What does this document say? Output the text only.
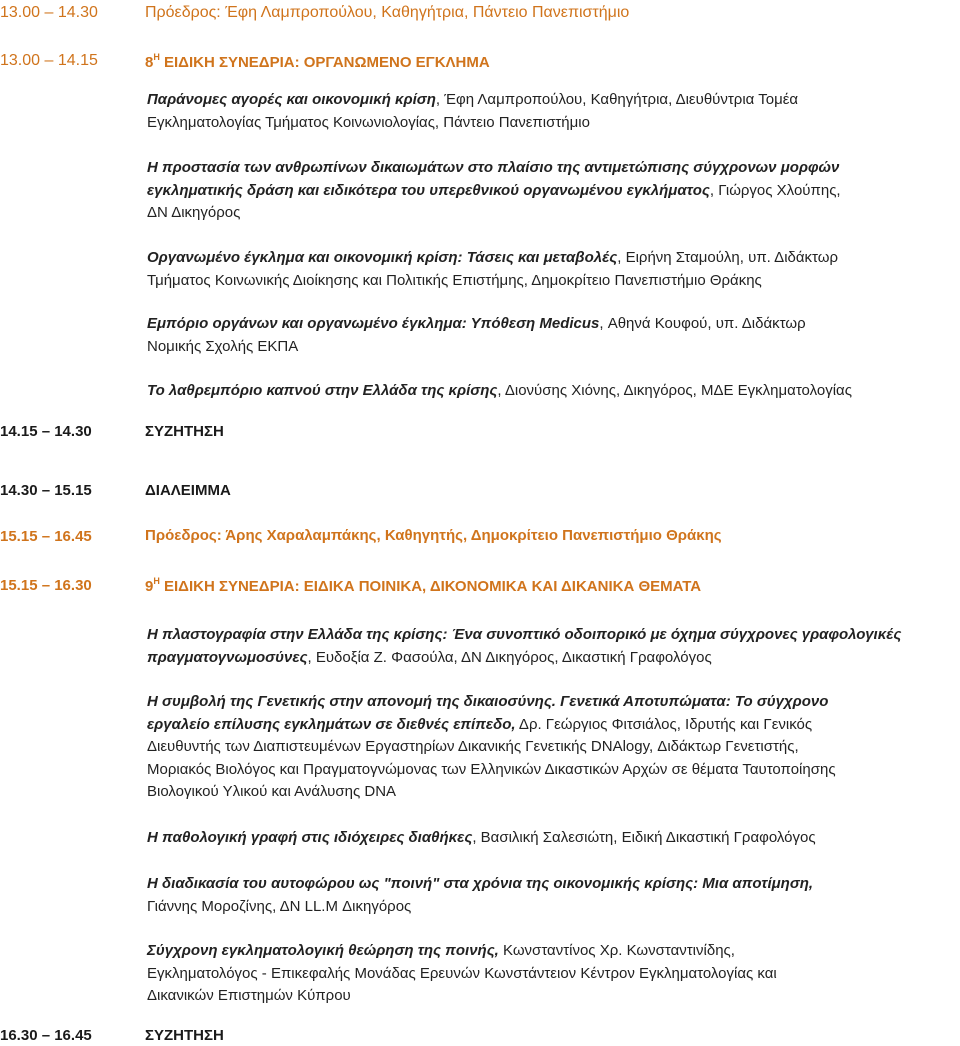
13.00 – 14.30	Πρόεδρος: Έφη Λαμπροπούλου, Καθηγήτρια, Πάντειο Πανεπιστήμιο
13.00 – 14.15	$8^H$ ΕΙΔΙΚΗ ΣΥΝΕΔΡΙΑ: ΟΡΓΑΝΩΜΕΝΟ ΕΓΚΛΗΜΑ
Παράνομες αγορές και οικονομική κρίση, Έφη Λαμπροπούλου, Καθηγήτρια, Διευθύντρια Τομέα
Εγκληματολογίας Τμήματος Κοινωνιολογίας, Πάντειο Πανεπιστήμιο
Η προστασία των ανθρωπίνων δικαιωμάτων στο πλαίσιο της αντιμετώπισης σύγχρονων μορφών
εγκληματικής δράση και ειδικότερα του υπερεθνικού οργανωμένου εγκλήματος, Γιώργος Χλούπης,
ΔΝ Δικηγόρος
Οργανωμένο έγκλημα και οικονομική κρίση: Τάσεις και μεταβολές, Ειρήνη Σταμούλη, υπ. Διδάκτωρ
Τμήματος Κοινωνικής Διοίκησης και Πολιτικής Επιστήμης, Δημοκρίτειο Πανεπιστήμιο Θράκης
Εμπόριο οργάνων και οργανωμένο έγκλημα: Υπόθεση Medicus, Αθηνά Κουφού, υπ. Διδάκτωρ
Νομικής Σχολής ΕΚΠΑ
Το λαθρεμπόριο καπνού στην Ελλάδα της κρίσης, Διονύσης Χιόνης, Δικηγόρος, ΜΔΕ Εγκληματολογίας
14.15 – 14.30	ΣΥΖΗΤΗΣΗ
14.30 – 15.15	ΔΙΑΛΕΙΜΜΑ
15.15 – 16.45	Πρόεδρος: Άρης Χαραλαμπάκης, Καθηγητής, Δημοκρίτειο Πανεπιστήμιο Θράκης
15.15 – 16.30	$9^H$ ΕΙΔΙΚΗ ΣΥΝΕΔΡΙΑ: ΕΙΔΙΚΑ ΠΟΙΝΙΚΑ, ΔΙΚΟΝΟΜΙΚΑ ΚΑΙ ΔΙΚΑΝΙΚΑ ΘΕΜΑΤΑ
Η πλαστογραφία στην Ελλάδα της κρίσης: Ένα συνοπτικό οδοιπορικό με όχημα σύγχρονες γραφολογικές
πραγματογνωμοσύνες, Ευδοξία Ζ. Φασούλα, ΔΝ Δικηγόρος, Δικαστική Γραφολόγος
Η συμβολή της Γενετικής στην απονομή της δικαιοσύνης. Γενετικά Αποτυπώματα: Το σύγχρονο
εργαλείο επίλυσης εγκλημάτων σε διεθνές επίπεδο, Δρ. Γεώργιος Φιτσιάλος, Ιδρυτής και Γενικός
Διευθυντής των Διαπιστευμένων Εργαστηρίων Δικανικής Γενετικής DNAlogy, Διδάκτωρ Γενετιστής,
Μοριακός Βιολόγος και Πραγματογνώμονας των Ελληνικών Δικαστικών Αρχών σε θέματα Ταυτοποίησης
Βιολογικού Υλικού και Ανάλυσης DNA
Η παθολογική γραφή στις ιδιόχειρες διαθήκες, Βασιλική Σαλεσιώτη, Ειδική Δικαστική Γραφολόγος
Η διαδικασία του αυτοφώρου ως "ποινή" στα χρόνια της οικονομικής κρίσης: Μια αποτίμηση,
Γιάννης Μοροζίνης, ΔΝ LL.M Δικηγόρος
Σύγχρονη εγκληματολογική θεώρηση της ποινής, Κωνσταντίνος Χρ. Κωνσταντινίδης,
Εγκληματολόγος - Επικεφαλής Μονάδας Ερευνών Κωνστάντειον Κέντρον Εγκληματολογίας και
Δικανικών Επιστημών Κύπρου
16.30 – 16.45	ΣΥΖΗΤΗΣΗ
